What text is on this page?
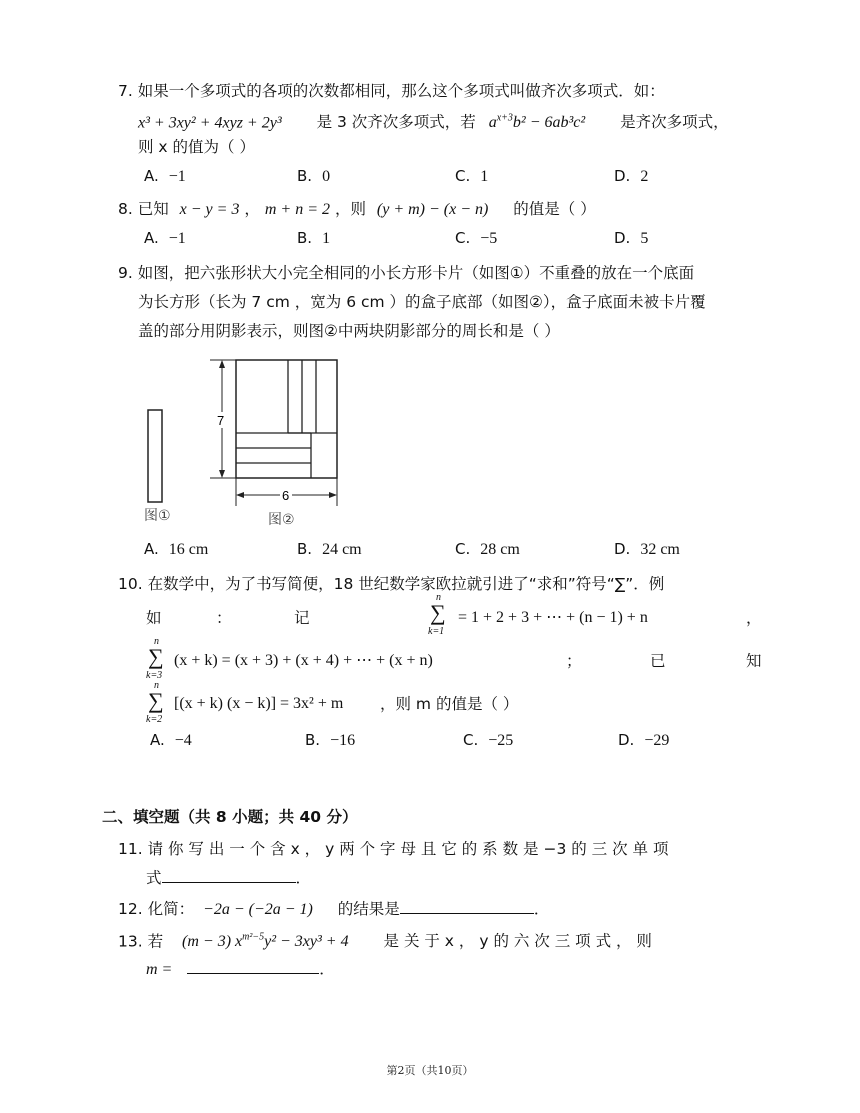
7. 如果一个多项式的各项的次数都相同，那么这个多项式叫做齐次多项式．如：
x³ + 3xy² + 4xyz + 2y³ 是 3 次齐次多项式，若 $a^{x+3}b^2 - 6ab^3c^2$ 是齐次多项式，
则 x 的值为（ ）
A. −1	B. 0	C. 1	D. 2
8. 已知 x − y = 3 ， m + n = 2 ，则 (y + m) − (x − n) 的值是（ ）
A. −1	B. 1	C. −5	D. 5
9. 如图，把六张形状大小完全相同的小长方形卡片（如图①）不重叠的放在一个底面
为长方形（长为 7 cm ，宽为 6 cm ）的盒子底部（如图②），盒子底面未被卡片覆
盖的部分用阴影表示，则图②中两块阴影部分的周长和是（ ）
7
6
图①	图②
A. 16 cm	B. 24 cm	C. 28 cm	D. 32 cm
10. 在数学中，为了书写简便，18 世纪数学家欧拉就引进了“求和”符号“∑”．例
如	：	记
n
∑
k=1
= 1 + 2 + 3 + ⋯ + (n − 1) + n	，
n
∑
k=3
(x + k) = (x + 3) + (x + 4) + ⋯ + (x + n)	；	已	知
n
∑
k=2
[(x + k) (x − k)] = 3x² + m ，则 m 的值是（ ）
A. −4	B. −16	C. −25	D. −29
二、填空题（共 8 小题；共 40 分）
11. 请 你 写 出 一 个 含 x ， y 两 个 字 母 且 它 的 系 数 是 −3 的 三 次 单 项
式	．
12. 化简： −2a − (−2a − 1) 的结果是	．
13. 若 (m − 3) $x^{m^2-5}y^2 - 3xy^3 + 4$ 是 关 于 x ， y 的 六 次 三 项 式 ， 则
m =	．
第2页（共10页）
